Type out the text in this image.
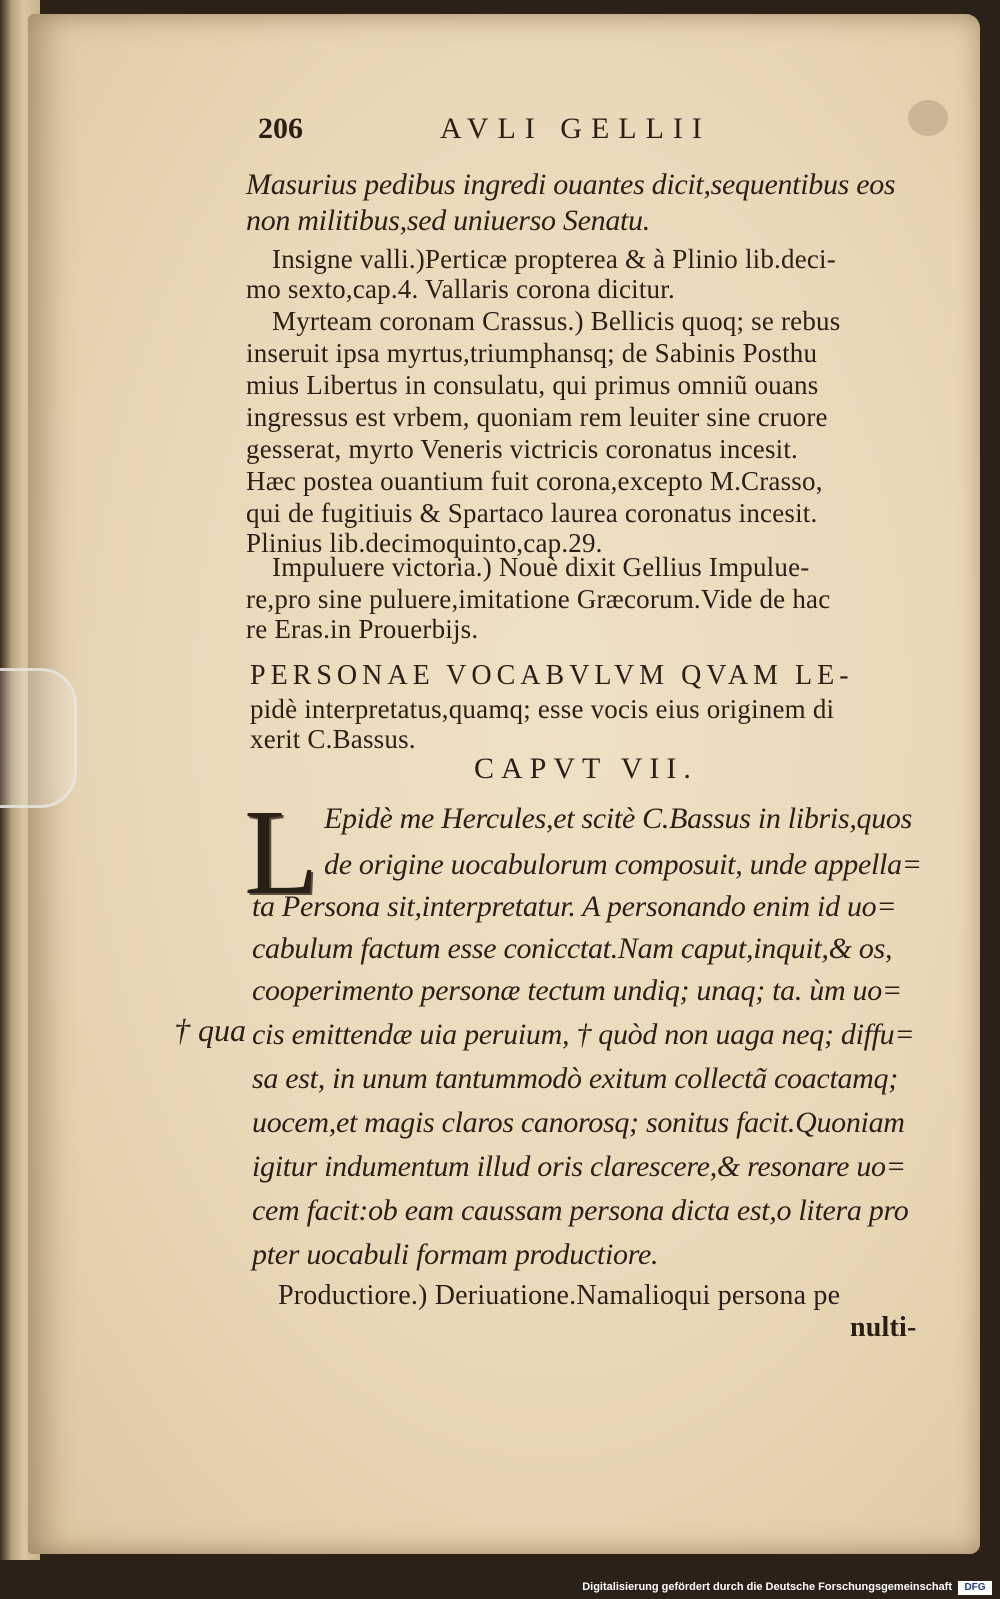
206	AVLI GELLII
Masurius pedibus ingredi ouantes dicit,sequentibus eos
non militibus,sed uniuerso Senatu.
Insigne valli.)Perticæ propterea & à Plinio lib.deci-
mo sexto,cap.4. Vallaris corona dicitur.
Myrteam coronam Crassus.) Bellicis quoq; se rebus
inseruit ipsa myrtus,triumphansq; de Sabinis Posthu
mius Libertus in consulatu, qui primus omniũ ouans
ingressus est vrbem, quoniam rem leuiter sine cruore
gesserat, myrto Veneris victricis coronatus incesit.
Hæc postea ouantium fuit corona,excepto M.Crasso,
qui de fugitiuis & Spartaco laurea coronatus incesit.
Plinius lib.decimoquinto,cap.29.
Impuluere victoria.) Nouè dixit Gellius Impulue-
re,pro sine puluere,imitatione Græcorum.Vide de hac
re Eras.in Prouerbijs.
PERSONAE VOCABVLVM QVAM LE-
pidè interpretatus,quamq; esse vocis eius originem di
xerit C.Bassus.
CAPVT VII.
L Epidè me Hercules,et scitè C.Bassus in libris,quos
de origine uocabulorum composuit, unde appella=
ta Persona sit,interpretatur. A personando enim id uo=
cabulum factum esse conicctat.Nam caput,inquit,& os,
cooperimento personæ tectum undiq; unaq; ta. ùm uo=
cis emittendæ uia peruium, † quòd non uaga neq; diffu=
sa est, in unum tantummodò exitum collectã coactamq;
uocem,et magis claros canorosq; sonitus facit.Quoniam
igitur indumentum illud oris clarescere,& resonare uo=
cem facit:ob eam caussam persona dicta est,o litera pro
pter uocabuli formam productiore.
Productiore.) Deriuatione.Namalioqui persona pe
nulti-
† qua
Digitalisierung gefördert durch die Deutsche Forschungsgemeinschaft	DFG
